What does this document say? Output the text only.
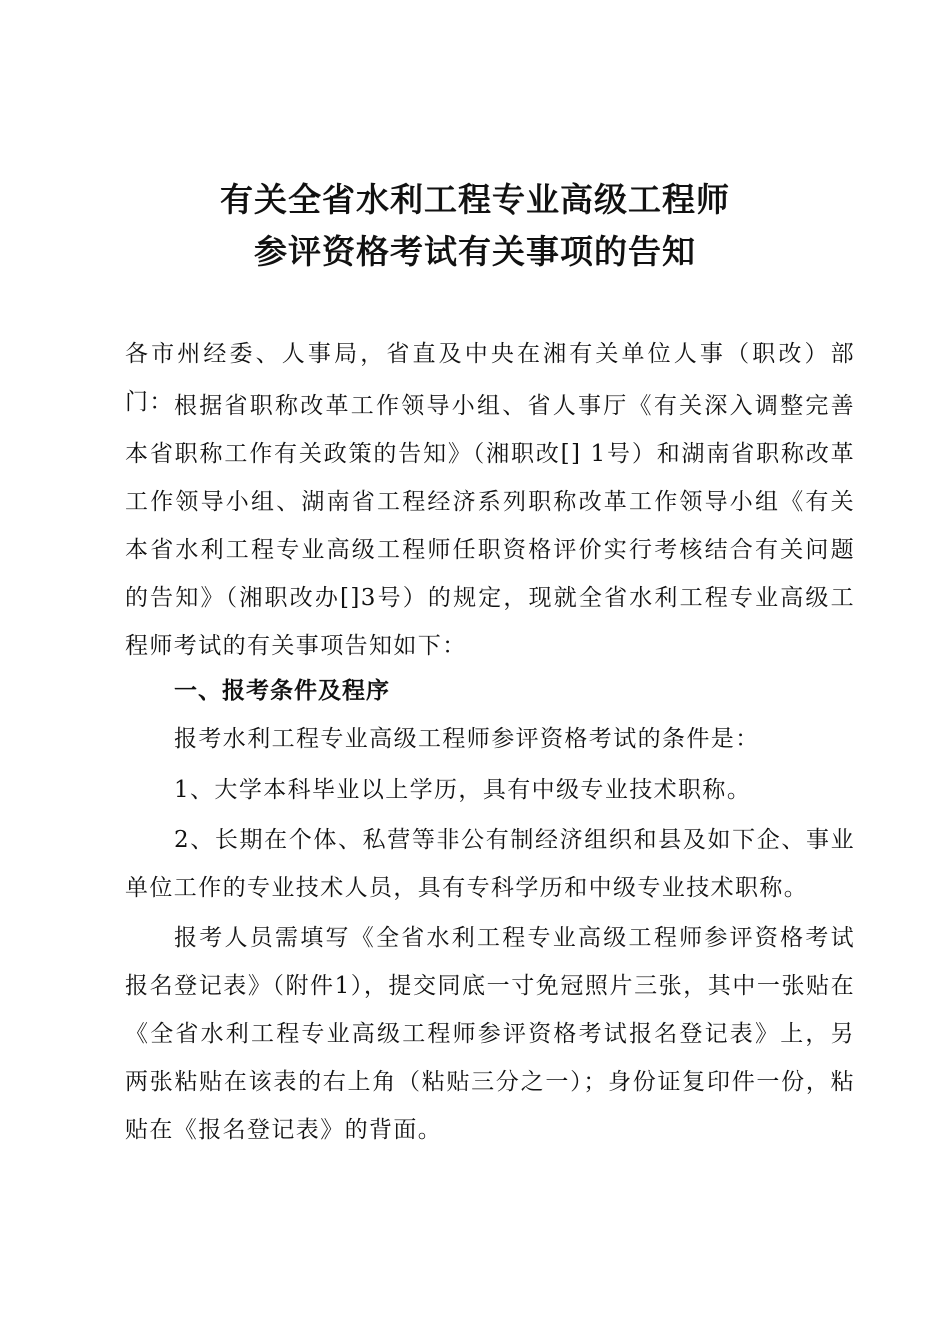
有关全省水利工程专业高级工程师
参评资格考试有关事项的告知

各市州经委、人事局，省直及中央在湘有关单位人事（职改）部门： 根据省职称改革工作领导小组、省人事厅《有关深入调整完善本省职称工作有关政策的告知》（湘职改[] 1号）和湖南省职称改革工作领导小组、湖南省工程经济系列职称改革工作领导小组《有关本省水利工程专业高级工程师任职资格评价实行考核结合有关问题的告知》（湘职改办[]3号）的规定，现就全省水利工程专业高级工程师考试的有关事项告知如下：

一、报考条件及程序

报考水利工程专业高级工程师参评资格考试的条件是：

1、大学本科毕业以上学历，具有中级专业技术职称。

2、长期在个体、私营等非公有制经济组织和县及如下企、事业单位工作的专业技术人员，具有专科学历和中级专业技术职称。

报考人员需填写《全省水利工程专业高级工程师参评资格考试报名登记表》（附件1），提交同底一寸免冠照片三张，其中一张贴在《全省水利工程专业高级工程师参评资格考试报名登记表》上，另两张粘贴在该表的右上角（粘贴三分之一）；身份证复印件一份，粘贴在《报名登记表》的背面。
